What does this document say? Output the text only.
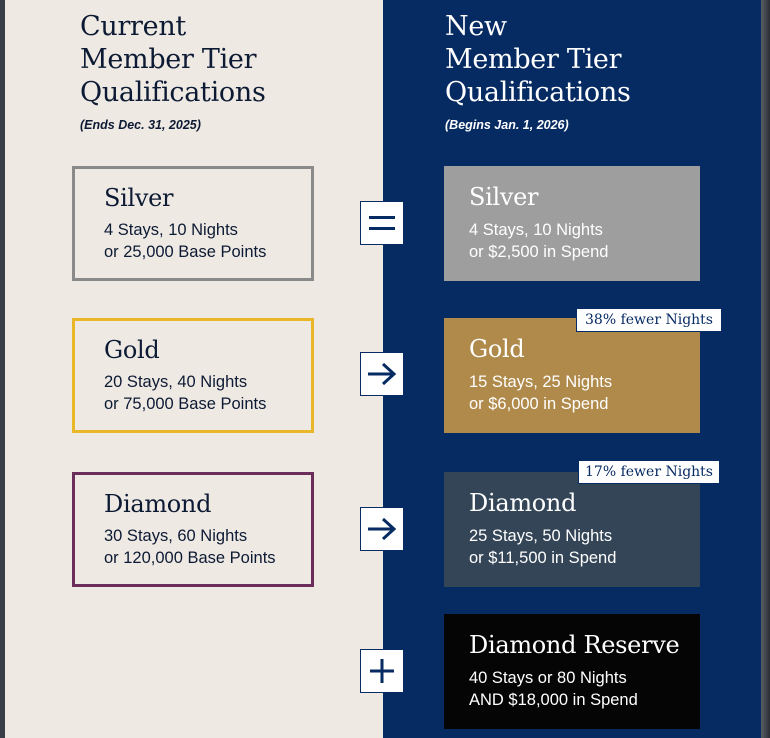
Current
Member Tier
Qualifications
(Ends Dec. 31, 2025)
New
Member Tier
Qualifications
(Begins Jan. 1, 2026)
Silver
4 Stays, 10 Nights
or 25,000 Base Points
Gold
20 Stays, 40 Nights
or 75,000 Base Points
Diamond
30 Stays, 60 Nights
or 120,000 Base Points
Silver
4 Stays, 10 Nights
or $2,500 in Spend
Gold
15 Stays, 25 Nights
or $6,000 in Spend
Diamond
25 Stays, 50 Nights
or $11,500 in Spend
Diamond Reserve
40 Stays or 80 Nights
AND $18,000 in Spend
38% fewer Nights
17% fewer Nights
